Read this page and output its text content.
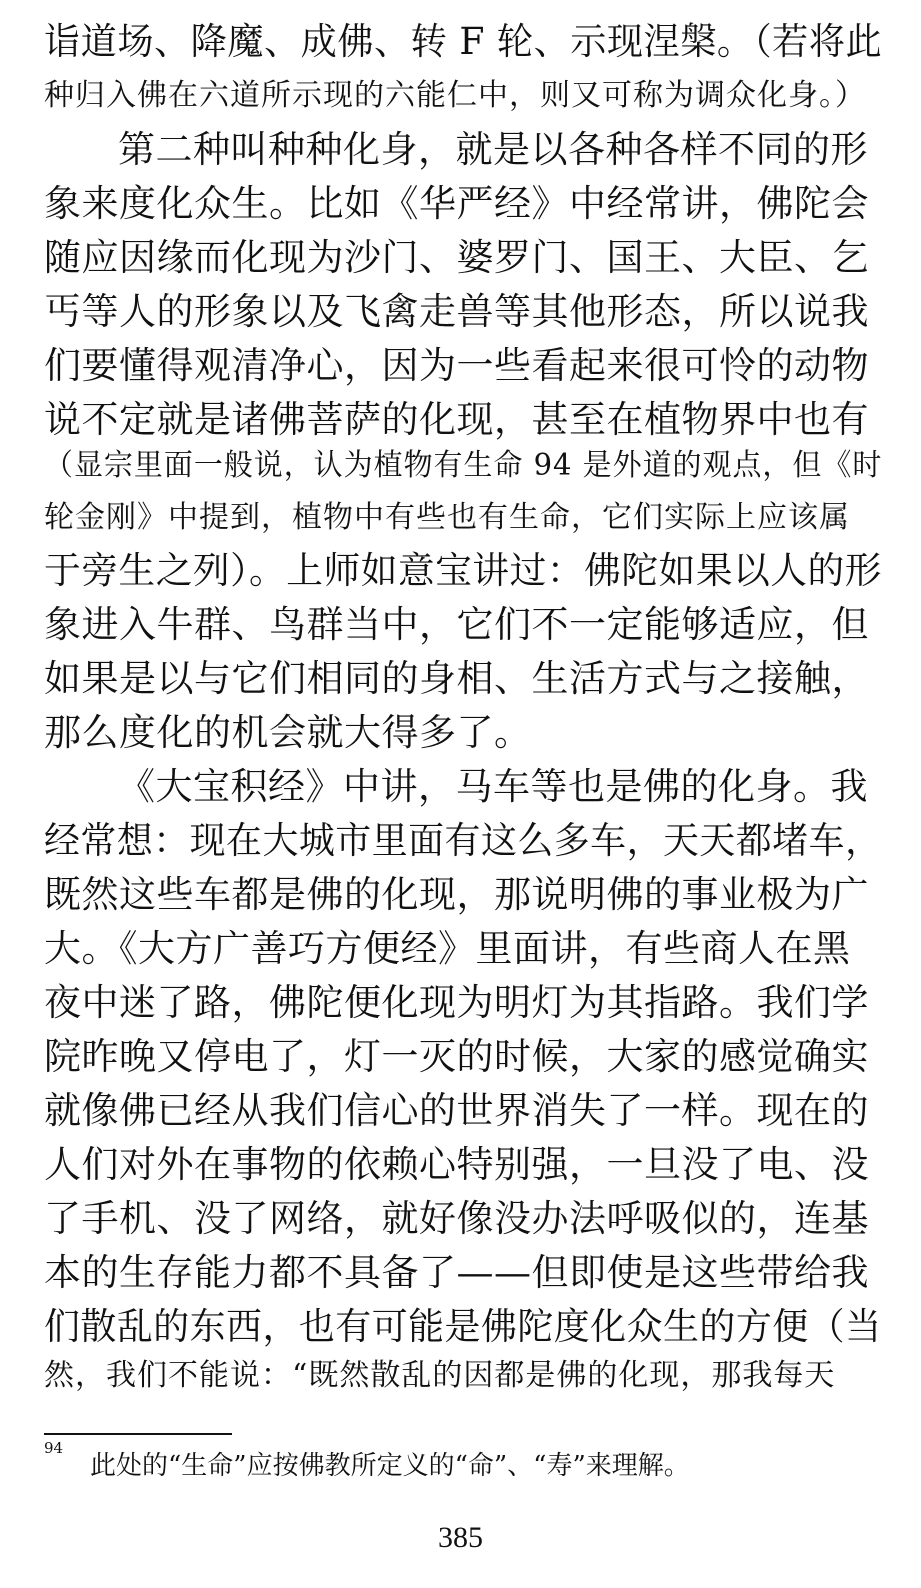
诣道场、降魔、成佛、转 F 轮、示现涅槃。（若将此
种归入佛在六道所示现的六能仁中，则又可称为调众化身。）
第二种叫种种化身，就是以各种各样不同的形
象来度化众生。比如《华严经》中经常讲，佛陀会
随应因缘而化现为沙门、婆罗门、国王、大臣、乞
丐等人的形象以及飞禽走兽等其他形态，所以说我
们要懂得观清净心，因为一些看起来很可怜的动物
说不定就是诸佛菩萨的化现，甚至在植物界中也有
（显宗里面一般说，认为植物有生命 94 是外道的观点，但《时
轮金刚》中提到，植物中有些也有生命，它们实际上应该属
于旁生之列）。上师如意宝讲过：佛陀如果以人的形
象进入牛群、鸟群当中，它们不一定能够适应，但
如果是以与它们相同的身相、生活方式与之接触，
那么度化的机会就大得多了。
《大宝积经》中讲，马车等也是佛的化身。我
经常想：现在大城市里面有这么多车，天天都堵车，
既然这些车都是佛的化现，那说明佛的事业极为广
大。《大方广善巧方便经》里面讲，有些商人在黑
夜中迷了路，佛陀便化现为明灯为其指路。我们学
院昨晚又停电了，灯一灭的时候，大家的感觉确实
就像佛已经从我们信心的世界消失了一样。现在的
人们对外在事物的依赖心特别强，一旦没了电、没
了手机、没了网络，就好像没办法呼吸似的，连基
本的生存能力都不具备了——但即使是这些带给我
们散乱的东西，也有可能是佛陀度化众生的方便（当
然，我们不能说：“既然散乱的因都是佛的化现，那我每天
94
此处的“生命”应按佛教所定义的“命”、“寿”来理解。
385
